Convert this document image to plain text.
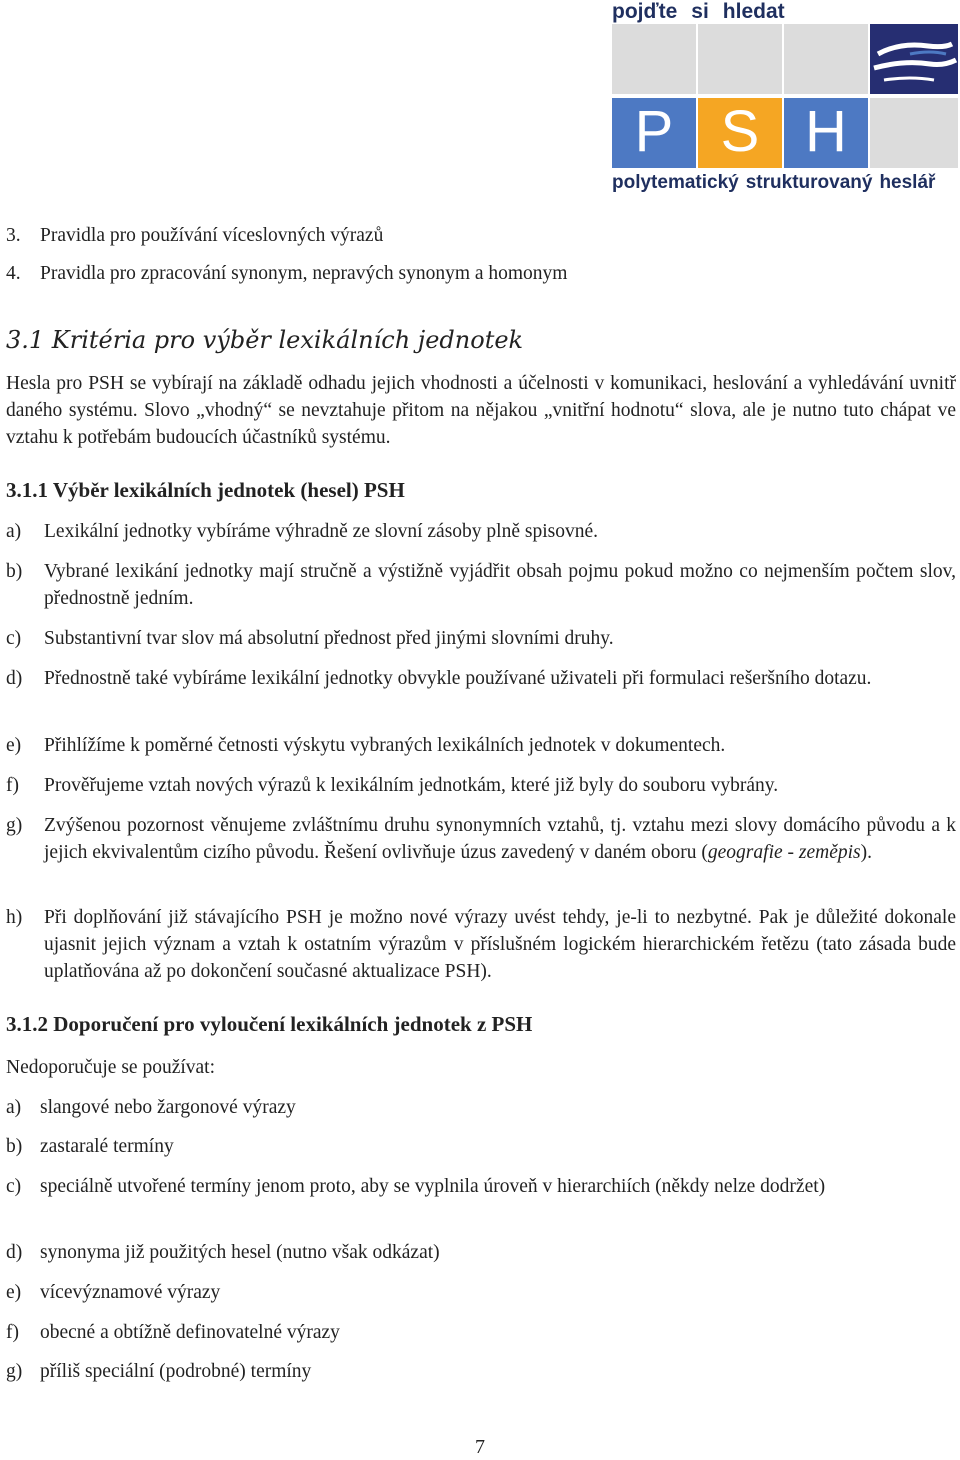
pojďte si hledat
P S H
polytematický strukturovaný heslář
3. Pravidla pro používání víceslovných výrazů
4. Pravidla pro zpracování synonym, nepravých synonym a homonym
3.1 Kritéria pro výběr lexikálních jednotek
Hesla pro PSH se vybírají na základě odhadu jejich vhodnosti a účelnosti v komunikaci, heslování a vyhledávání uvnitř daného systému. Slovo „vhodný“ se nevztahuje přitom na nějakou „vnitřní hodnotu“ slova, ale je nutno tuto chápat ve vztahu k potřebám budoucích účastníků systému.
3.1.1 Výběr lexikálních jednotek (hesel) PSH
a) Lexikální jednotky vybíráme výhradně ze slovní zásoby plně spisovné.
b) Vybrané lexikání jednotky mají stručně a výstižně vyjádřit obsah pojmu pokud možno co nejmenším počtem slov, přednostně jedním.
c) Substantivní tvar slov má absolutní přednost před jinými slovními druhy.
d) Přednostně také vybíráme lexikální jednotky obvykle používané uživateli při formulaci rešeršního dotazu.
e) Přihlížíme k poměrné četnosti výskytu vybraných lexikálních jednotek v dokumentech.
f) Prověřujeme vztah nových výrazů k lexikálním jednotkám, které již byly do souboru vybrány.
g) Zvýšenou pozornost věnujeme zvláštnímu druhu synonymních vztahů, tj. vztahu mezi slovy domácího původu a k jejich ekvivalentům cizího původu. Řešení ovlivňuje úzus zavedený v daném oboru (geografie - zeměpis).
h) Při doplňování již stávajícího PSH je možno nové výrazy uvést tehdy, je-li to nezbytné. Pak je důležité dokonale ujasnit jejich význam a vztah k ostatním výrazům v příslušném logickém hierarchickém řetězu (tato zásada bude uplatňována až po dokončení současné aktualizace PSH).
3.1.2 Doporučení pro vyloučení lexikálních jednotek z PSH
Nedoporučuje se používat:
a) slangové nebo žargonové výrazy
b) zastaralé termíny
c) speciálně utvořené termíny jenom proto, aby se vyplnila úroveň v hierarchiích (někdy nelze dodržet)
d) synonyma již použitých hesel (nutno však odkázat)
e) vícevýznamové výrazy
f) obecné a obtížně definovatelné výrazy
g) příliš speciální (podrobné) termíny
7
